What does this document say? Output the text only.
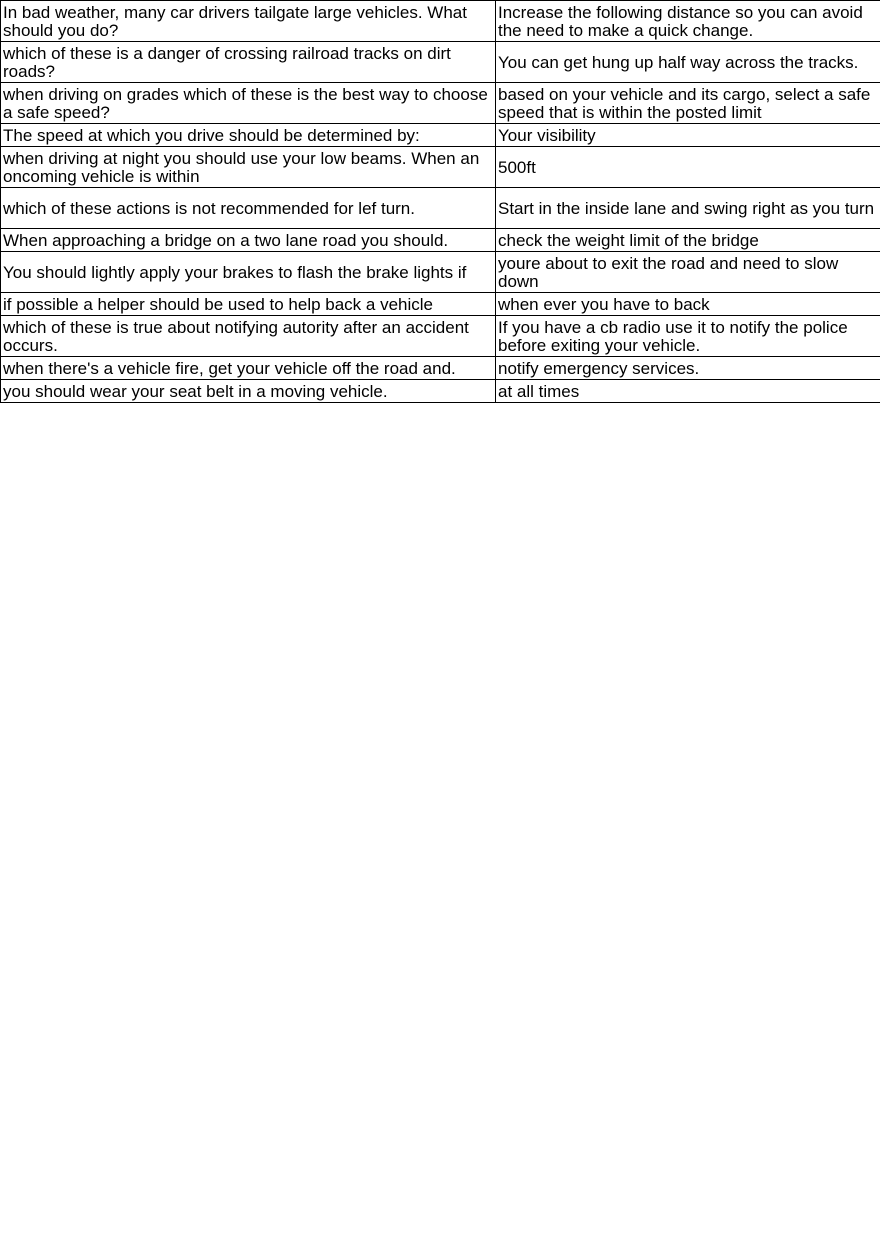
In bad weather, many car drivers tailgate large vehicles. What should you do?	Increase the following distance so you can avoid the need to make a quick change.
which of these is a danger of crossing railroad tracks on dirt roads?	You can get hung up half way across the tracks.
when driving on grades which of these is the best way to choose a safe speed?	based on your vehicle and its cargo, select a safe speed that is within the posted limit
The speed at which you drive should be determined by:	Your visibility
when driving at night you should use your low beams. When an oncoming vehicle is within	500ft
which of these actions is not recommended for lef turn.	Start in the inside lane and swing right as you turn
When approaching a bridge on a two lane road you should.	check the weight limit of the bridge
You should lightly apply your brakes to flash the brake lights if	youre about to exit the road and need to slow down
if possible a helper should be used to help back a vehicle	when ever you have to back
which of these is true about notifying autority after an accident occurs.	If you have a cb radio use it to notify the police before exiting your vehicle.
when there's a vehicle fire, get your vehicle off the road and.	notify emergency services.
you should wear your seat belt in a moving vehicle.	at all times
